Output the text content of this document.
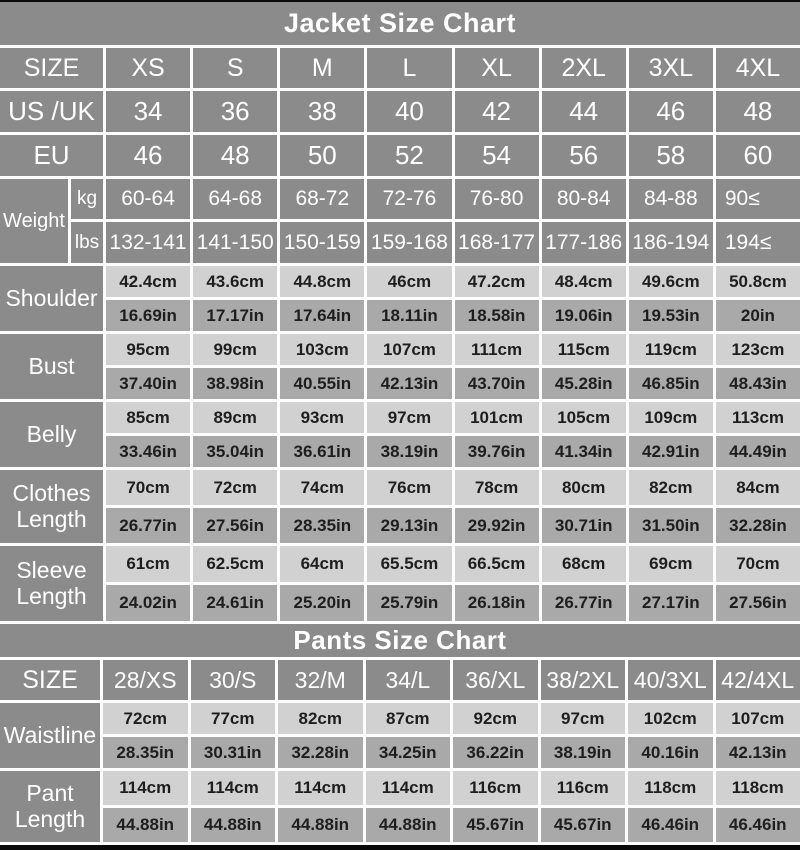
Jacket Size Chart
SIZE	XS	S	M	L	XL	2XL	3XL	4XL
US /UK	34	36	38	40	42	44	46	48
EU	46	48	50	52	54	56	58	60
Weight
kg	60-64	64-68	68-72	72-76	76-80	80-84	84-88	90≤
lbs 132-141 141-150 150-159 159-168 168-177 177-186 186-194 194≤
Shoulder
42.4cm	43.6cm	44.8cm	46cm	47.2cm	48.4cm	49.6cm	50.8cm
16.69in	17.17in	17.64in	18.11in	18.58in	19.06in	19.53in	20in
Bust
95cm	99cm	103cm	107cm	111cm	115cm	119cm	123cm
37.40in	38.98in	40.55in	42.13in	43.70in	45.28in	46.85in	48.43in
Belly
85cm	89cm	93cm	97cm	101cm	105cm	109cm	113cm
33.46in	35.04in	36.61in	38.19in	39.76in	41.34in	42.91in	44.49in
Clothes Length
70cm	72cm	74cm	76cm	78cm	80cm	82cm	84cm
26.77in	27.56in	28.35in	29.13in	29.92in	30.71in	31.50in	32.28in
Sleeve Length
61cm	62.5cm	64cm	65.5cm	66.5cm	68cm	69cm	70cm
24.02in	24.61in	25.20in	25.79in	26.18in	26.77in	27.17in	27.56in
Pants Size Chart
SIZE	28/XS	30/S	32/M	34/L	36/XL 38/2XL 40/3XL 42/4XL
Waistline
72cm	77cm	82cm	87cm	92cm	97cm	102cm	107cm
28.35in	30.31in	32.28in	34.25in	36.22in	38.19in	40.16in	42.13in
Pant Length
114cm	114cm	114cm	114cm	116cm	116cm	118cm	118cm
44.88in	44.88in	44.88in	44.88in	45.67in	45.67in	46.46in	46.46in
